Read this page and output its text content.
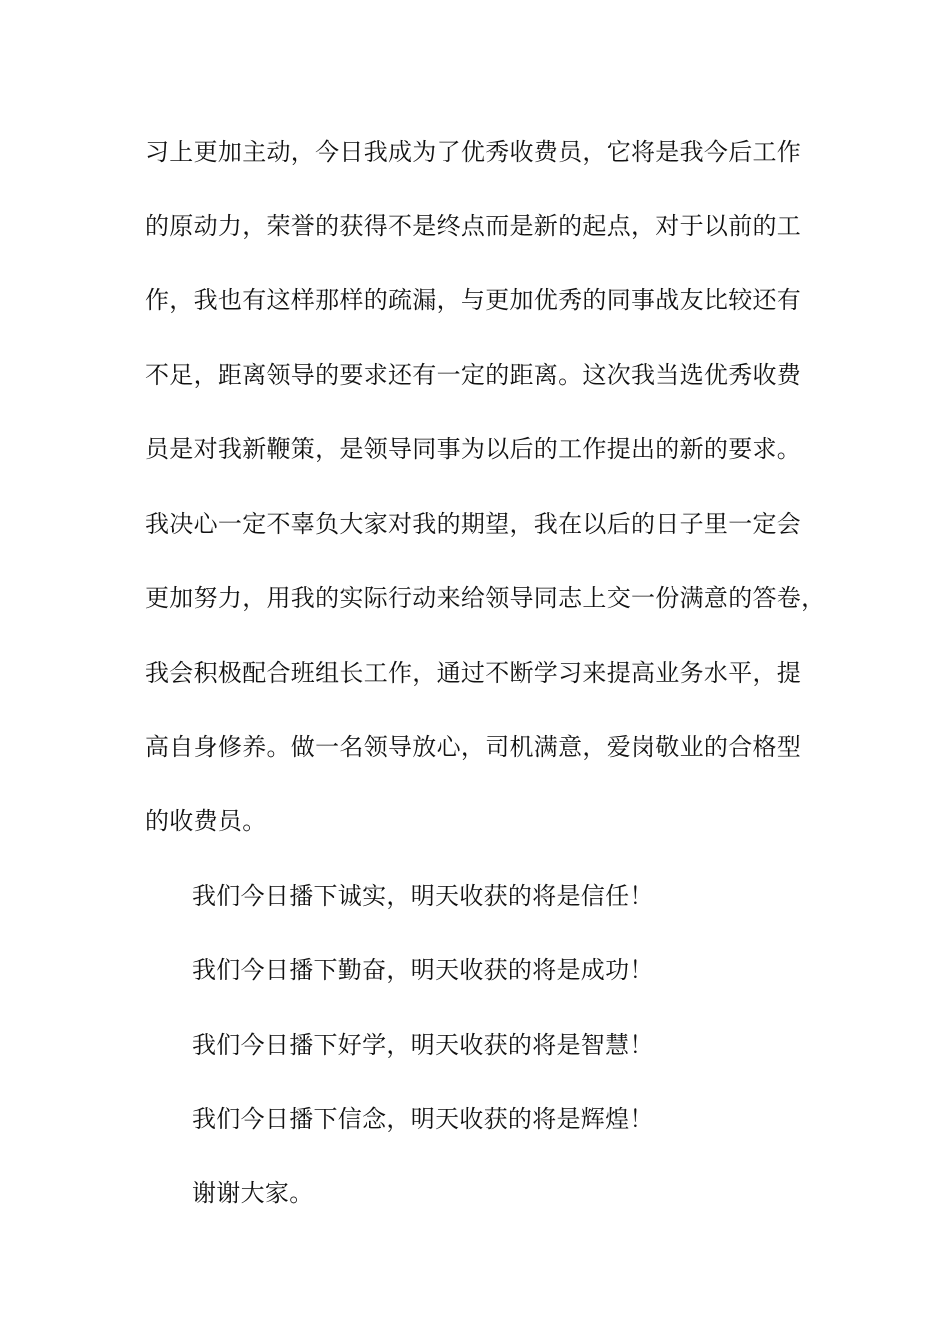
习上更加主动，今日我成为了优秀收费员，它将是我今后工作
的原动力，荣誉的获得不是终点而是新的起点，对于以前的工
作，我也有这样那样的疏漏，与更加优秀的同事战友比较还有
不足，距离领导的要求还有一定的距离。这次我当选优秀收费
员是对我新鞭策，是领导同事为以后的工作提出的新的要求。
我决心一定不辜负大家对我的期望，我在以后的日子里一定会
更加努力，用我的实际行动来给领导同志上交一份满意的答卷，
我会积极配合班组长工作，通过不断学习来提高业务水平，提
高自身修养。做一名领导放心，司机满意，爱岗敬业的合格型
的收费员。
我们今日播下诚实，明天收获的将是信任！
我们今日播下勤奋，明天收获的将是成功！
我们今日播下好学，明天收获的将是智慧！
我们今日播下信念，明天收获的将是辉煌！
谢谢大家。
